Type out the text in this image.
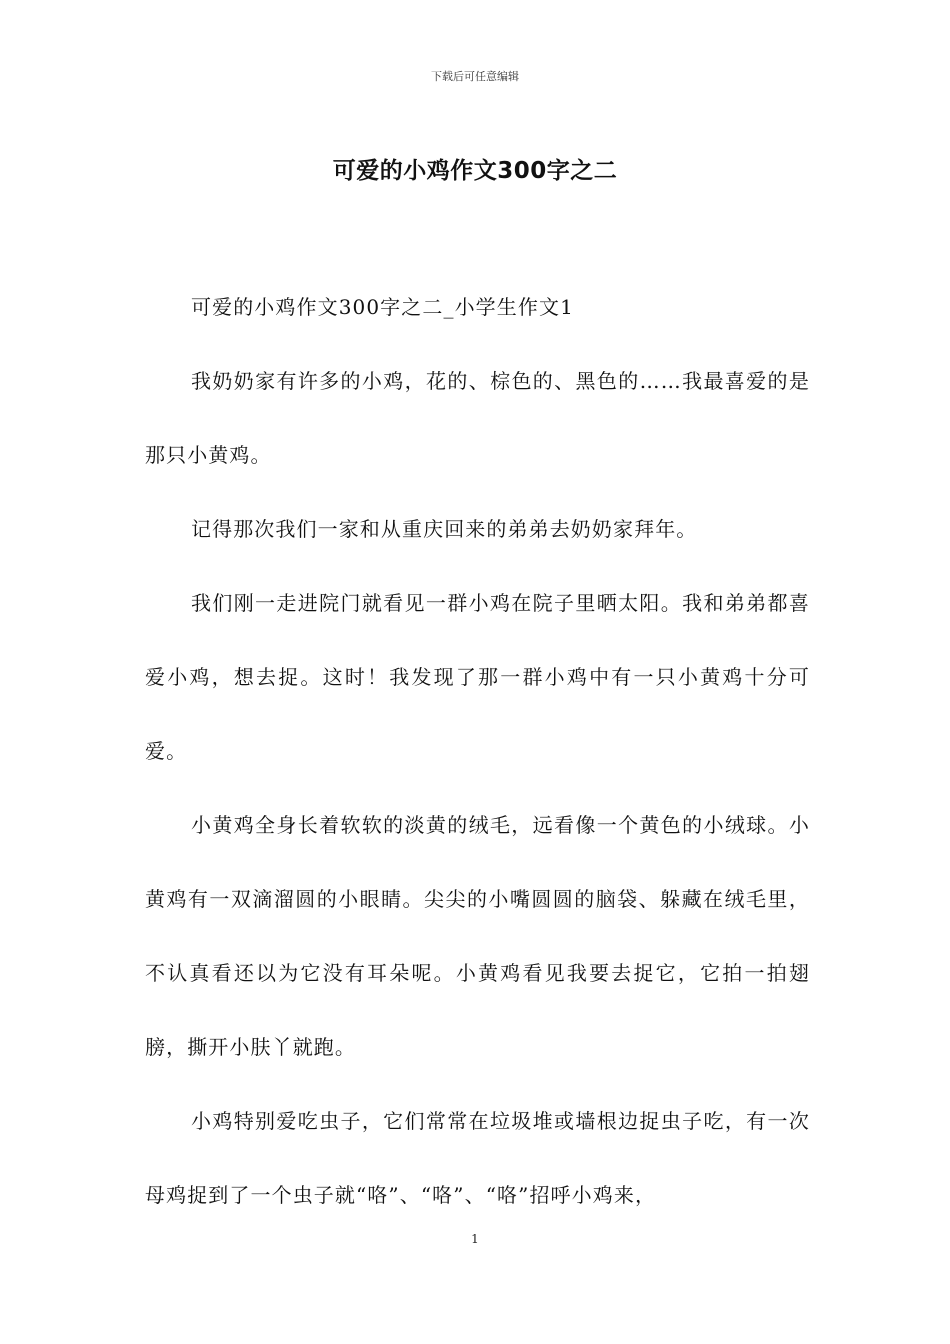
下载后可任意编辑
可爱的小鸡作文300字之二

可爱的小鸡作文300字之二_小学生作文1

我奶奶家有许多的小鸡，花的、棕色的、黑色的……我最喜爱的是那只小黄鸡。

记得那次我们一家和从重庆回来的弟弟去奶奶家拜年。

我们刚一走进院门就看见一群小鸡在院子里晒太阳。我和弟弟都喜爱小鸡，想去捉。这时！我发现了那一群小鸡中有一只小黄鸡十分可爱。

小黄鸡全身长着软软的淡黄的绒毛，远看像一个黄色的小绒球。小黄鸡有一双滴溜圆的小眼睛。尖尖的小嘴圆圆的脑袋、躲藏在绒毛里，不认真看还以为它没有耳朵呢。小黄鸡看见我要去捉它，它拍一拍翅膀，撕开小肤丫就跑。

小鸡特别爱吃虫子，它们常常在垃圾堆或墙根边捉虫子吃，有一次母鸡捉到了一个虫子就“咯”、“咯”、“咯”招呼小鸡来，

1
